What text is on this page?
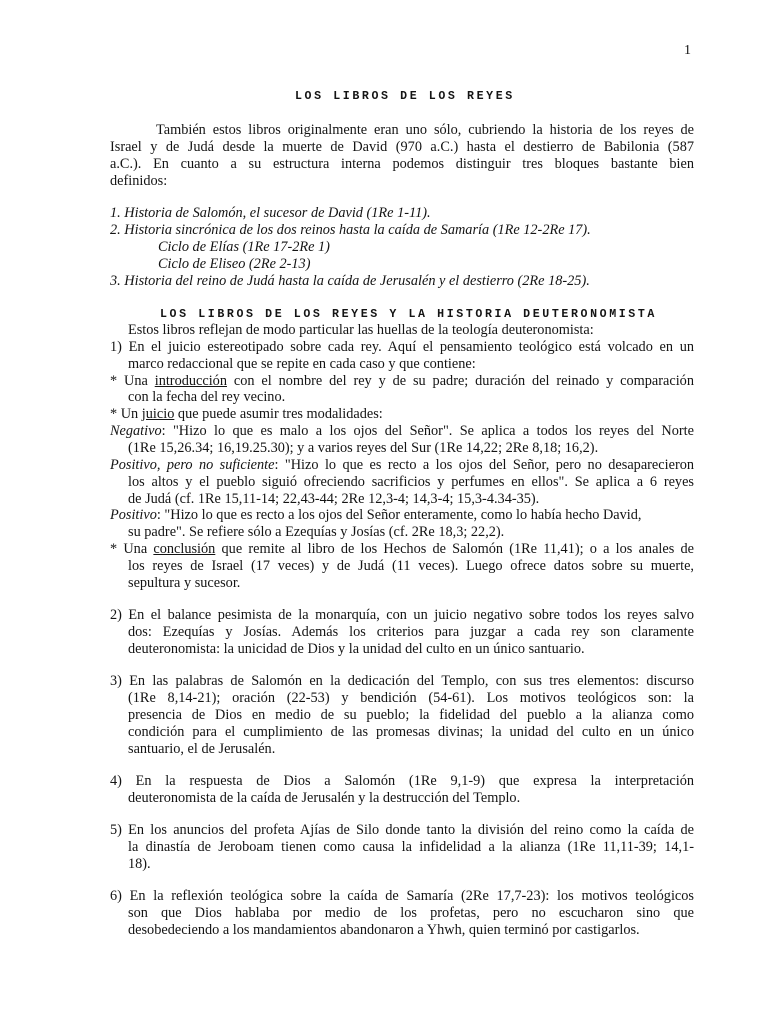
1
LOS LIBROS DE LOS REYES
También estos libros originalmente eran uno sólo, cubriendo la historia de los reyes de
Israel y de Judá desde la muerte de David (970 a.C.) hasta el destierro de Babilonia (587
a.C.). En cuanto a su estructura interna podemos distinguir tres bloques bastante bien
definidos:
1. Historia de Salomón, el sucesor de David (1Re 1-11).
2. Historia sincrónica de los dos reinos hasta la caída de Samaría (1Re 12-2Re 17).
Ciclo de Elías (1Re 17-2Re 1)
Ciclo de Eliseo (2Re 2-13)
3. Historia del reino de Judá hasta la caída de Jerusalén y el destierro (2Re 18-25).
LOS LIBROS DE LOS REYES Y LA HISTORIA DEUTERONOMISTA
Estos libros reflejan de modo particular las huellas de la teología deuteronomista:
1) En el juicio estereotipado sobre cada rey. Aquí el pensamiento teológico está volcado en un
marco redaccional que se repite en cada caso y que contiene:
* Una introducción con el nombre del rey y de su padre; duración del reinado y comparación
con la fecha del rey vecino.
* Un juicio que puede asumir tres modalidades:
Negativo: "Hizo lo que es malo a los ojos del Señor". Se aplica a todos los reyes del Norte
(1Re 15,26.34; 16,19.25.30); y a varios reyes del Sur (1Re 14,22; 2Re 8,18; 16,2).
Positivo, pero no suficiente: "Hizo lo que es recto a los ojos del Señor, pero no desaparecieron
los altos y el pueblo siguió ofreciendo sacrificios y perfumes en ellos". Se aplica a 6 reyes
de Judá (cf. 1Re 15,11-14; 22,43-44; 2Re 12,3-4; 14,3-4; 15,3-4.34-35).
Positivo: "Hizo lo que es recto a los ojos del Señor enteramente, como lo había hecho David,
su padre". Se refiere sólo a Ezequías y Josías (cf. 2Re 18,3; 22,2).
* Una conclusión que remite al libro de los Hechos de Salomón (1Re 11,41); o a los anales de
los reyes de Israel (17 veces) y de Judá (11 veces). Luego ofrece datos sobre su muerte,
sepultura y sucesor.
2) En el balance pesimista de la monarquía, con un juicio negativo sobre todos los reyes salvo
dos: Ezequías y Josías. Además los criterios para juzgar a cada rey son claramente
deuteronomista: la unicidad de Dios y la unidad del culto en un único santuario.
3) En las palabras de Salomón en la dedicación del Templo, con sus tres elementos: discurso
(1Re 8,14-21); oración (22-53) y bendición (54-61). Los motivos teológicos son: la
presencia de Dios en medio de su pueblo; la fidelidad del pueblo a la alianza como
condición para el cumplimiento de las promesas divinas; la unidad del culto en un único
santuario, el de Jerusalén.
4) En la respuesta de Dios a Salomón (1Re 9,1-9) que expresa la interpretación
deuteronomista de la caída de Jerusalén y la destrucción del Templo.
5) En los anuncios del profeta Ajías de Silo donde tanto la división del reino como la caída de
la dinastía de Jeroboam tienen como causa la infidelidad a la alianza (1Re 11,11-39; 14,1-
18).
6) En la reflexión teológica sobre la caída de Samaría (2Re 17,7-23): los motivos teológicos
son que Dios hablaba por medio de los profetas, pero no escucharon sino que
desobedeciendo a los mandamientos abandonaron a Yhwh, quien terminó por castigarlos.
